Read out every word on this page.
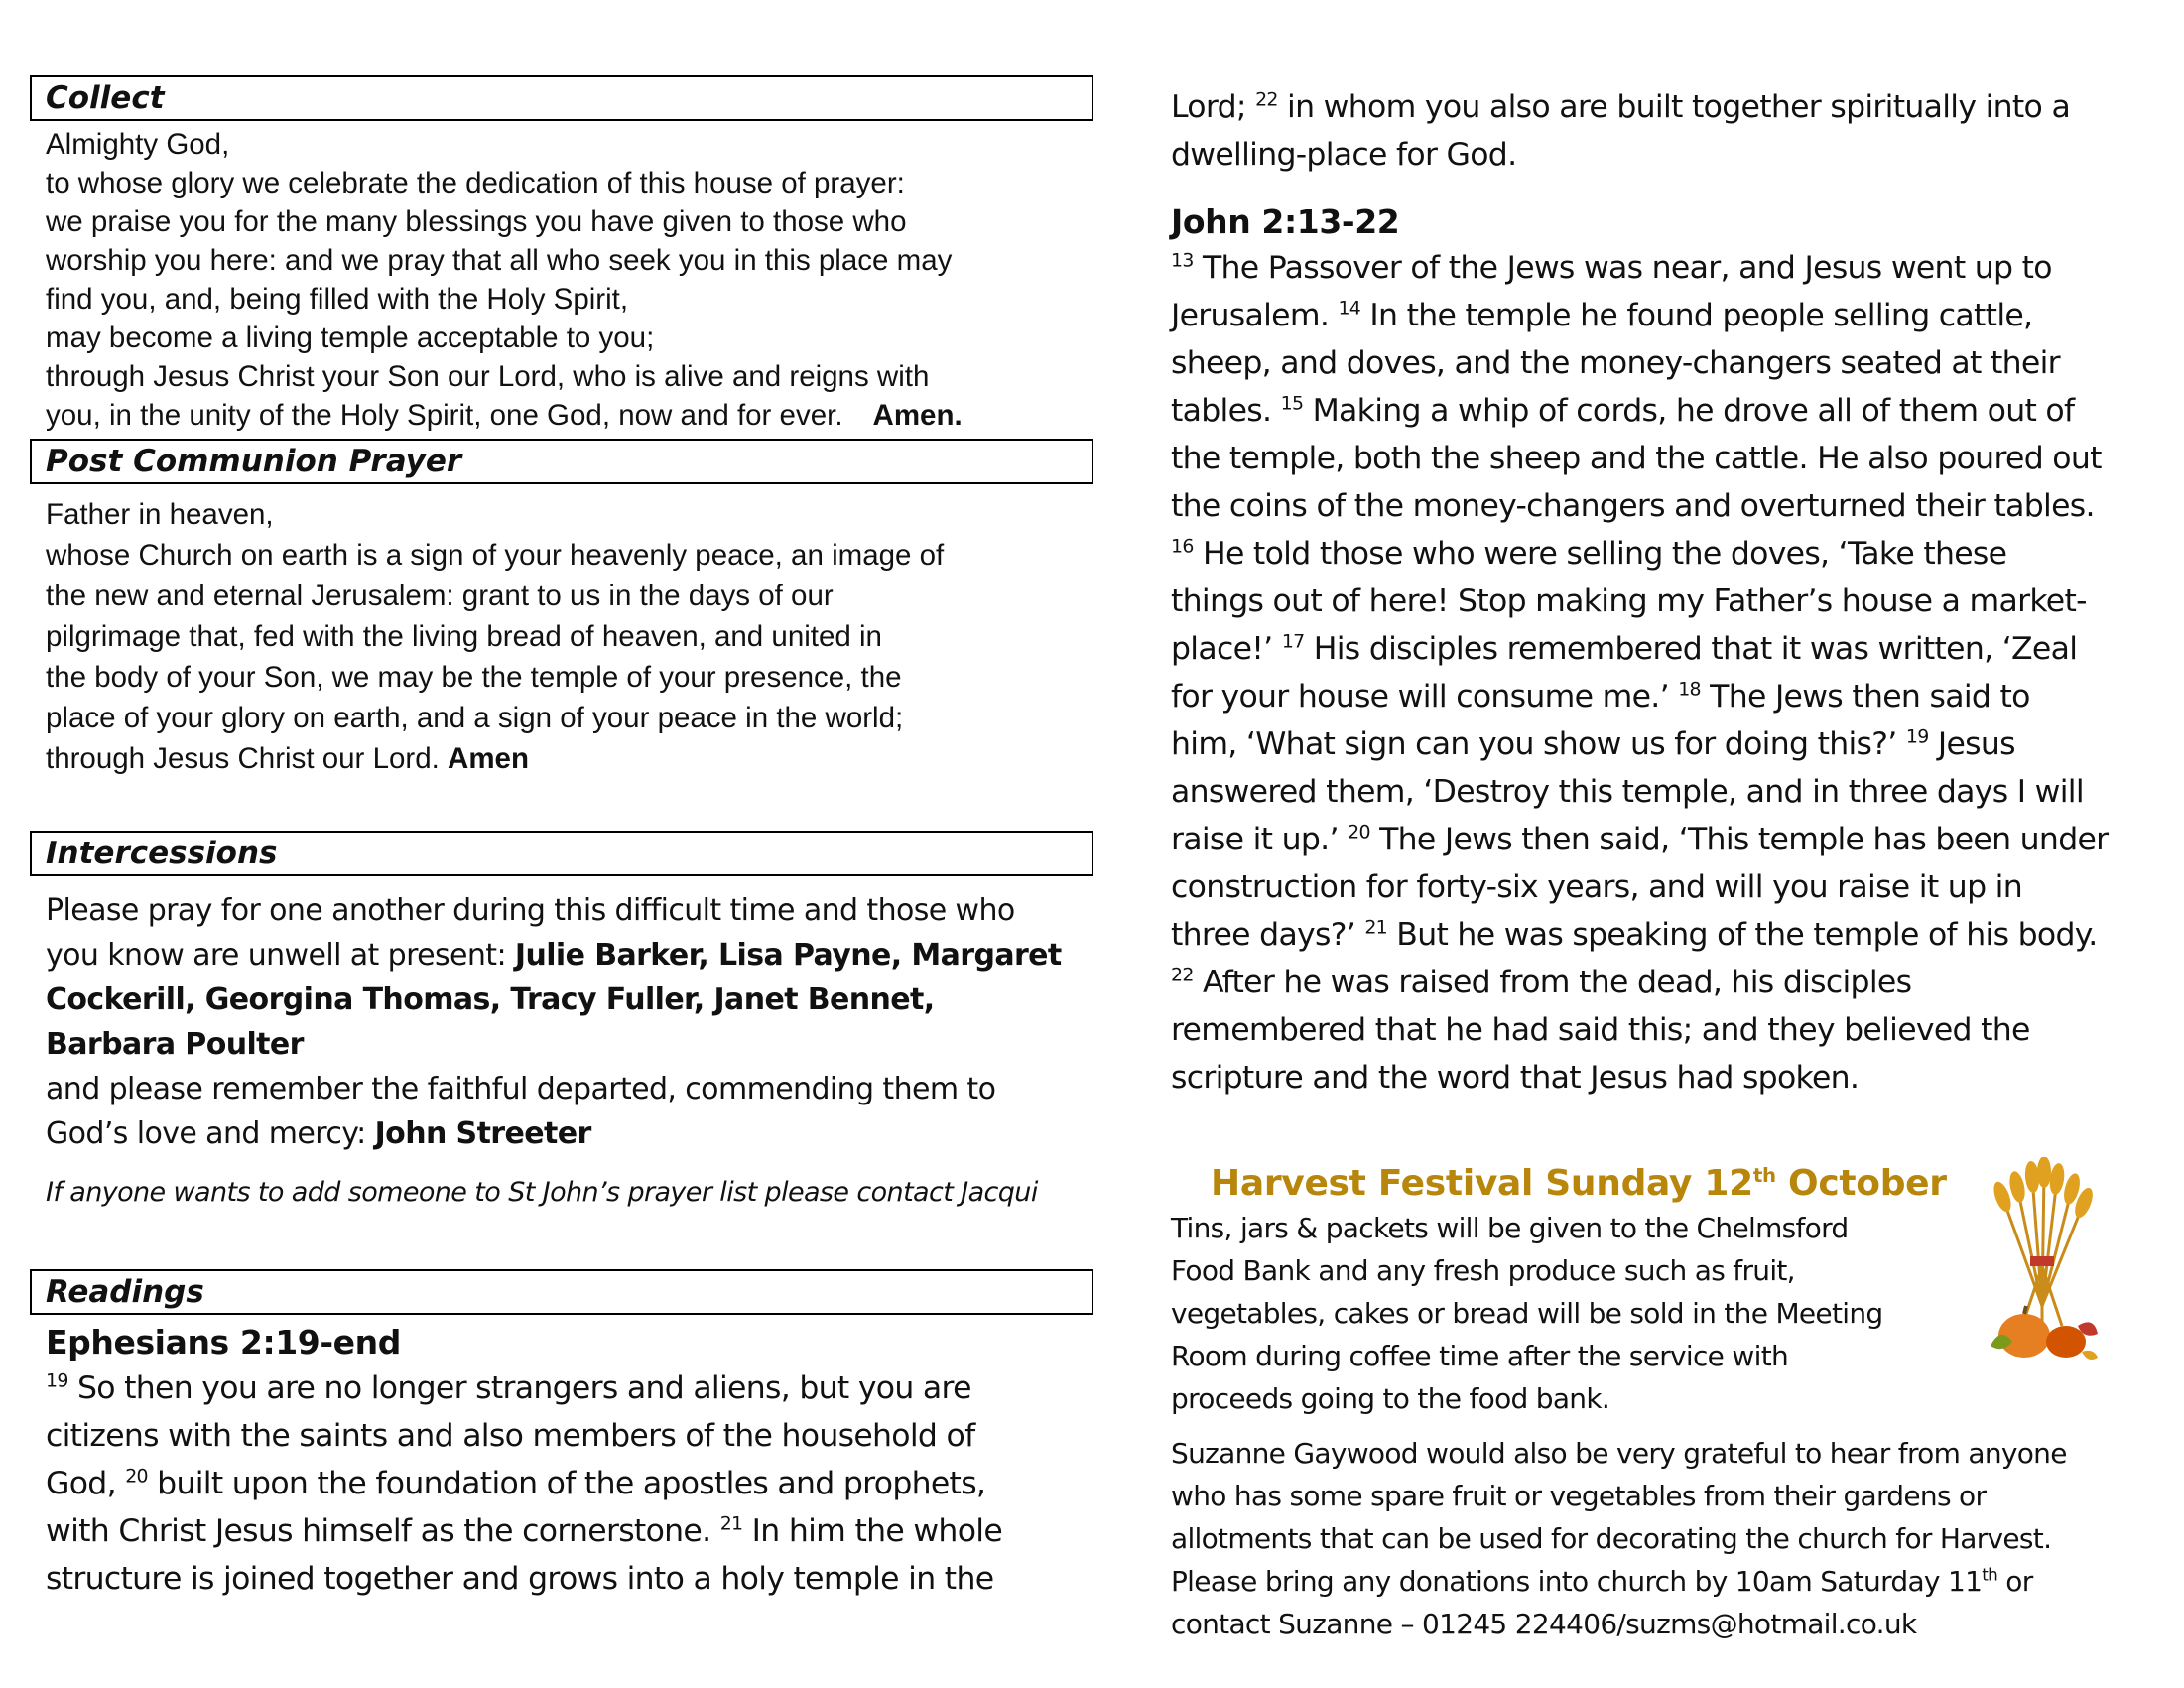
Collect
Almighty God,
to whose glory we celebrate the dedication of this house of prayer:
we praise you for the many blessings you have given to those who
worship you here: and we pray that all who seek you in this place may
find you, and, being filled with the Holy Spirit,
may become a living temple acceptable to you;
through Jesus Christ your Son our Lord, who is alive and reigns with
you, in the unity of the Holy Spirit, one God, now and for ever. Amen.
Post Communion Prayer
Father in heaven,
whose Church on earth is a sign of your heavenly peace, an image of
the new and eternal Jerusalem: grant to us in the days of our
pilgrimage that, fed with the living bread of heaven, and united in
the body of your Son, we may be the temple of your presence, the
place of your glory on earth, and a sign of your peace in the world;
through Jesus Christ our Lord. Amen
Intercessions
Please pray for one another during this difficult time and those who
you know are unwell at present: Julie Barker, Lisa Payne, Margaret
Cockerill, Georgina Thomas, Tracy Fuller, Janet Bennet,
Barbara Poulter
and please remember the faithful departed, commending them to
God’s love and mercy: John Streeter
If anyone wants to add someone to St John’s prayer list please contact Jacqui
Readings
Ephesians 2:19-end
$^{19}$ So then you are no longer strangers and aliens, but you are
citizens with the saints and also members of the household of
God, $^{20}$ built upon the foundation of the apostles and prophets,
with Christ Jesus himself as the cornerstone. $^{21}$ In him the whole
structure is joined together and grows into a holy temple in the
Lord; $^{22}$ in whom you also are built together spiritually into a
dwelling-place for God.
John 2:13-22
$^{13}$ The Passover of the Jews was near, and Jesus went up to
Jerusalem. $^{14}$ In the temple he found people selling cattle,
sheep, and doves, and the money-changers seated at their
tables. $^{15}$ Making a whip of cords, he drove all of them out of
the temple, both the sheep and the cattle. He also poured out
the coins of the money-changers and overturned their tables.
$^{16}$ He told those who were selling the doves, ‘Take these
things out of here! Stop making my Father’s house a market-
place!’ $^{17}$ His disciples remembered that it was written, ‘Zeal
for your house will consume me.’ $^{18}$ The Jews then said to
him, ‘What sign can you show us for doing this?’ $^{19}$ Jesus
answered them, ‘Destroy this temple, and in three days I will
raise it up.’ $^{20}$ The Jews then said, ‘This temple has been under
construction for forty-six years, and will you raise it up in
three days?’ $^{21}$ But he was speaking of the temple of his body.
$^{22}$ After he was raised from the dead, his disciples
remembered that he had said this; and they believed the
scripture and the word that Jesus had spoken.
Harvest Festival Sunday 12th October
Tins, jars & packets will be given to the Chelmsford
Food Bank and any fresh produce such as fruit,
vegetables, cakes or bread will be sold in the Meeting
Room during coffee time after the service with
proceeds going to the food bank.
Suzanne Gaywood would also be very grateful to hear from anyone
who has some spare fruit or vegetables from their gardens or
allotments that can be used for decorating the church for Harvest.
Please bring any donations into church by 10am Saturday 11th or
contact Suzanne – 01245 224406/suzms@hotmail.co.uk
